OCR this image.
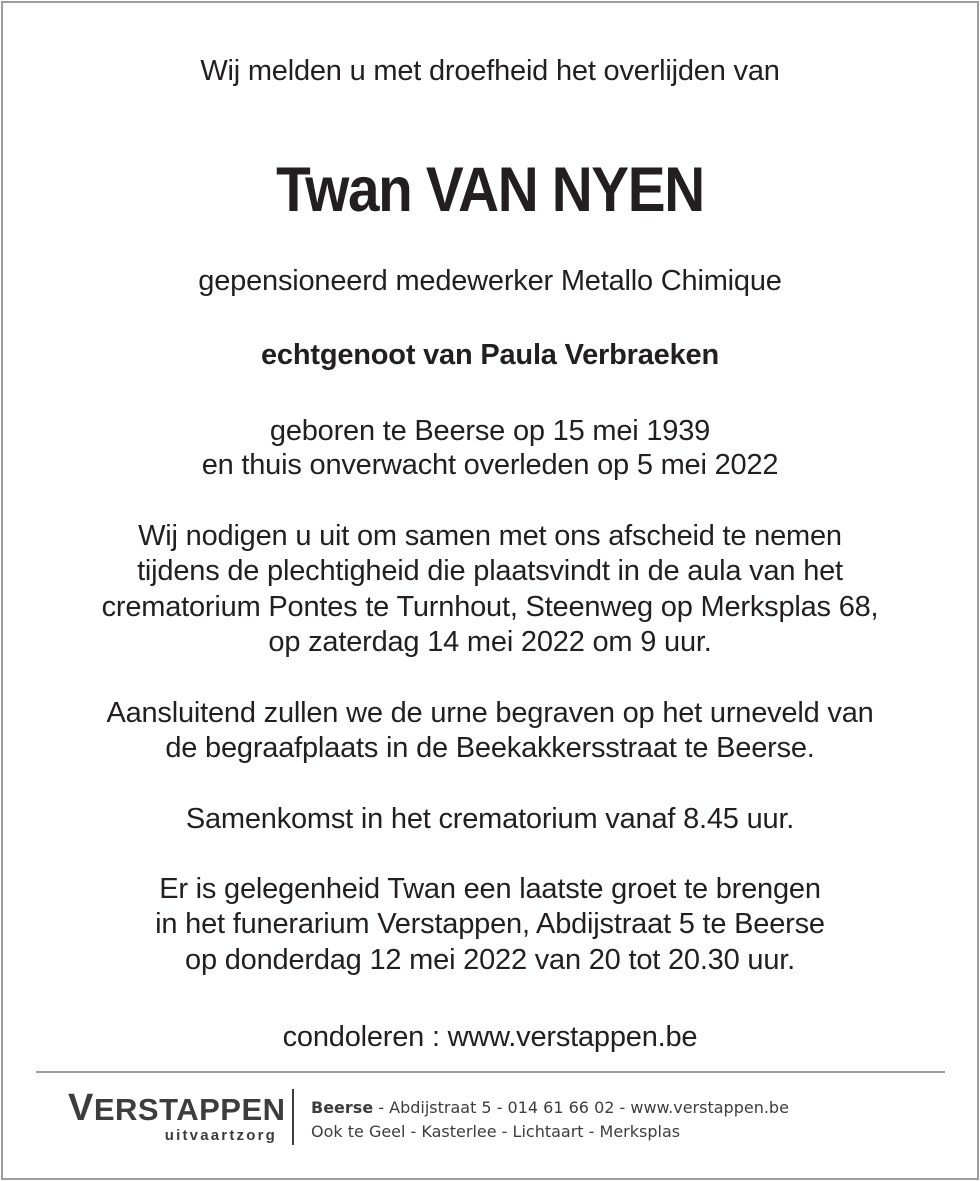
Wij melden u met droefheid het overlijden van
Twan VAN NYEN
gepensioneerd medewerker Metallo Chimique
echtgenoot van Paula Verbraeken
geboren te Beerse op 15 mei 1939
en thuis onverwacht overleden op 5 mei 2022
Wij nodigen u uit om samen met ons afscheid te nemen
tijdens de plechtigheid die plaatsvindt in de aula van het
crematorium Pontes te Turnhout, Steenweg op Merksplas 68,
op zaterdag 14 mei 2022 om 9 uur.
Aansluitend zullen we de urne begraven op het urneveld van
de begraafplaats in de Beekakkersstraat te Beerse.
Samenkomst in het crematorium vanaf 8.45 uur.
Er is gelegenheid Twan een laatste groet te brengen
in het funerarium Verstappen, Abdijstraat 5 te Beerse
op donderdag 12 mei 2022 van 20 tot 20.30 uur.
condoleren : www.verstappen.be
VERSTAPPEN
uitvaartzorg
Beerse - Abdijstraat 5 - 014 61 66 02 - www.verstappen.be
Ook te Geel - Kasterlee - Lichtaart - Merksplas
